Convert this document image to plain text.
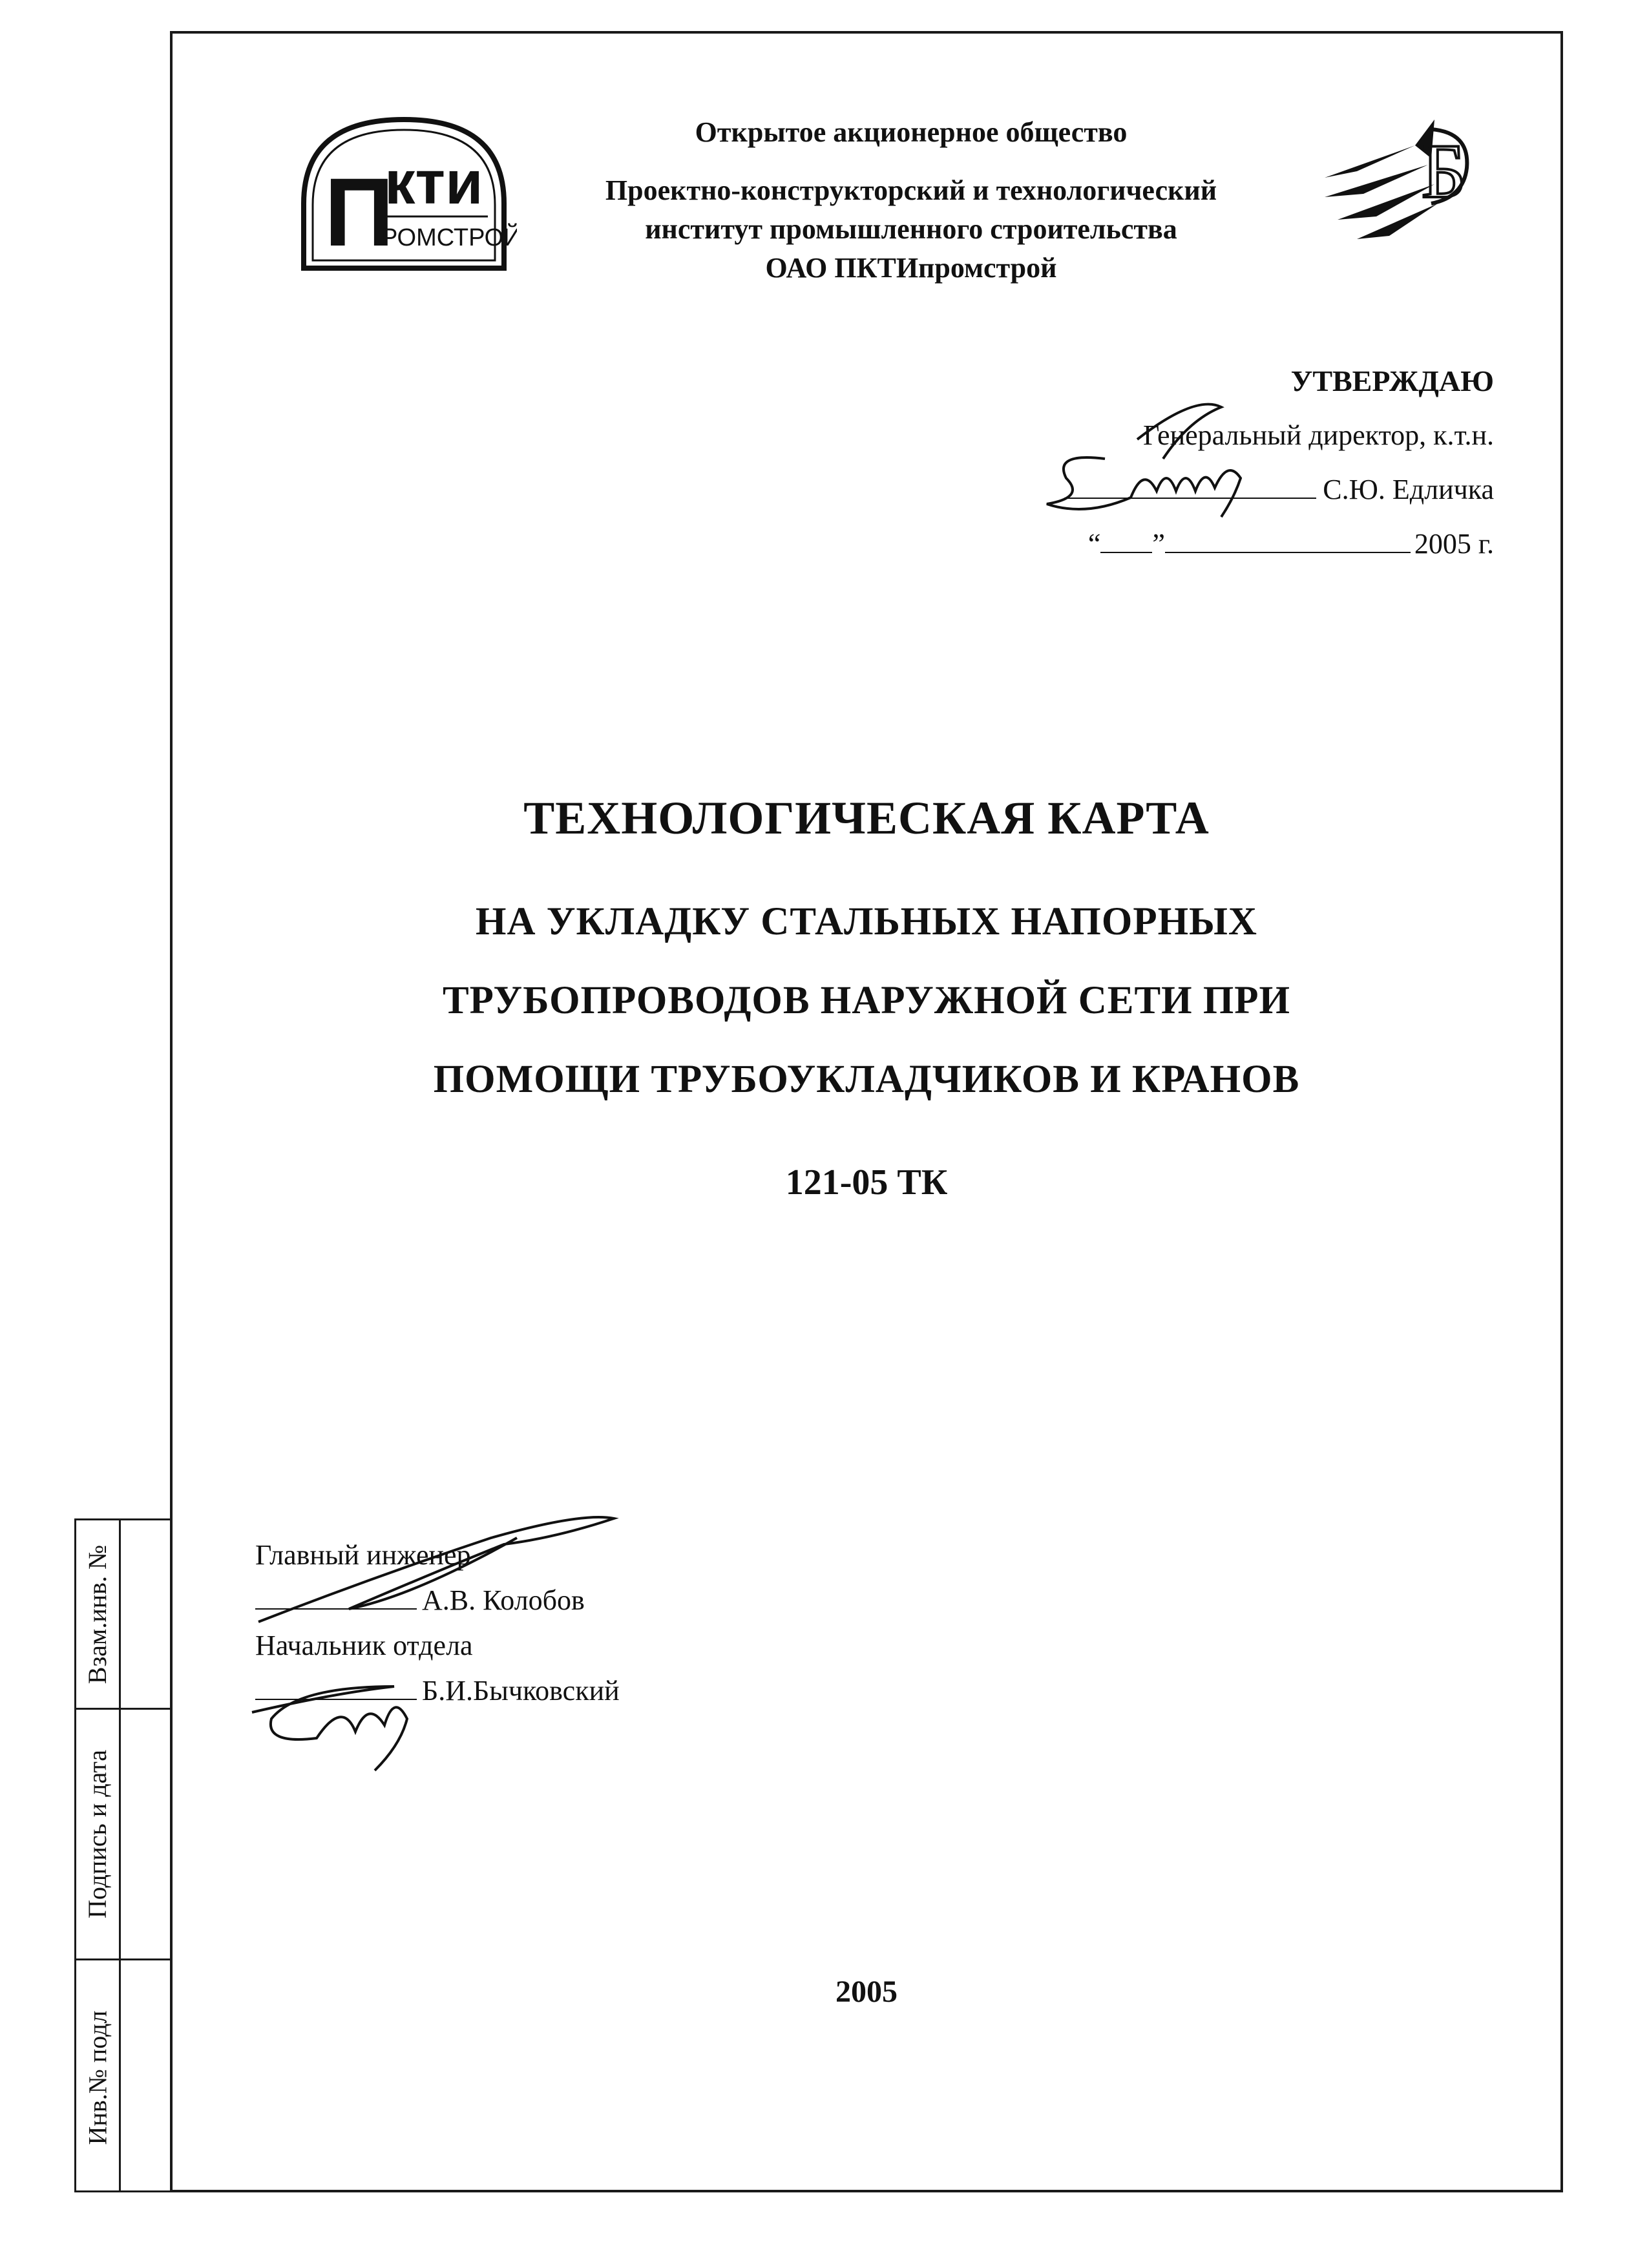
Взам.инв. №
Подпись и дата
Инв.№ подл
П
кти
РОМСТРОЙ
Открытое акционерное общество
Проектно-конструкторский и технологический
институт промышленного строительства
ОАО ПКТИпромстрой
Б
УТВЕРЖДАЮ
Генеральный директор, к.т.н.
С.Ю. Едличка
“ ”	2005 г.
ТЕХНОЛОГИЧЕСКАЯ КАРТА
НА УКЛАДКУ СТАЛЬНЫХ НАПОРНЫХ
ТРУБОПРОВОДОВ НАРУЖНОЙ СЕТИ ПРИ
ПОМОЩИ ТРУБОУКЛАДЧИКОВ И КРАНОВ
121-05 ТК
Главный инженер
А.В. Колобов
Начальник отдела
Б.И.Бычковский
2005
